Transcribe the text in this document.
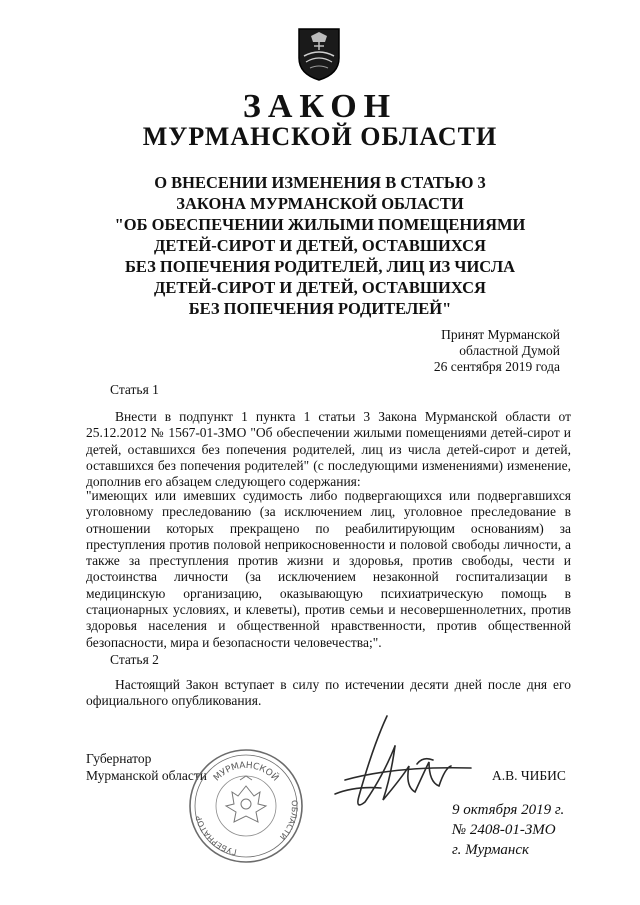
ЗАКОН
МУРМАНСКОЙ ОБЛАСТИ
О ВНЕСЕНИИ ИЗМЕНЕНИЯ В СТАТЬЮ 3
ЗАКОНА МУРМАНСКОЙ ОБЛАСТИ
"ОБ ОБЕСПЕЧЕНИИ ЖИЛЫМИ ПОМЕЩЕНИЯМИ
ДЕТЕЙ-СИРОТ И ДЕТЕЙ, ОСТАВШИХСЯ
БЕЗ ПОПЕЧЕНИЯ РОДИТЕЛЕЙ, ЛИЦ ИЗ ЧИСЛА
ДЕТЕЙ-СИРОТ И ДЕТЕЙ, ОСТАВШИХСЯ
БЕЗ ПОПЕЧЕНИЯ РОДИТЕЛЕЙ"
Принят Мурманской
областной Думой
26 сентября 2019 года
Статья 1
Внести в подпункт 1 пункта 1 статьи 3 Закона Мурманской области от 25.12.2012 № 1567-01-ЗМО "Об обеспечении жилыми помещениями детей-сирот и детей, оставшихся без попечения родителей, лиц из числа детей-сирот и детей, оставшихся без попечения родителей" (с последующими изменениями) изменение, дополнив его абзацем следующего содержания:
"имеющих или имевших судимость либо подвергающихся или подвергавшихся уголовному преследованию (за исключением лиц, уголовное преследование в отношении которых прекращено по реабилитирующим основаниям) за преступления против половой неприкосновенности и половой свободы личности, а также за преступления против жизни и здоровья, против свободы, чести и достоинства личности (за исключением незаконной госпитализации в медицинскую организацию, оказывающую психиатрическую помощь в стационарных условиях, и клеветы), против семьи и несовершеннолетних, против здоровья населения и общественной нравственности, против общественной безопасности, мира и безопасности человечества;".
Статья 2
Настоящий Закон вступает в силу по истечении десяти дней после дня его официального опубликования.
Губернатор
Мурманской области	А.В. ЧИБИС
МУРМАНСКОЙ
ГУБЕРНАТОР
ОБЛАСТИ
9 октября 2019 г.
№ 2408-01-ЗМО
г. Мурманск
